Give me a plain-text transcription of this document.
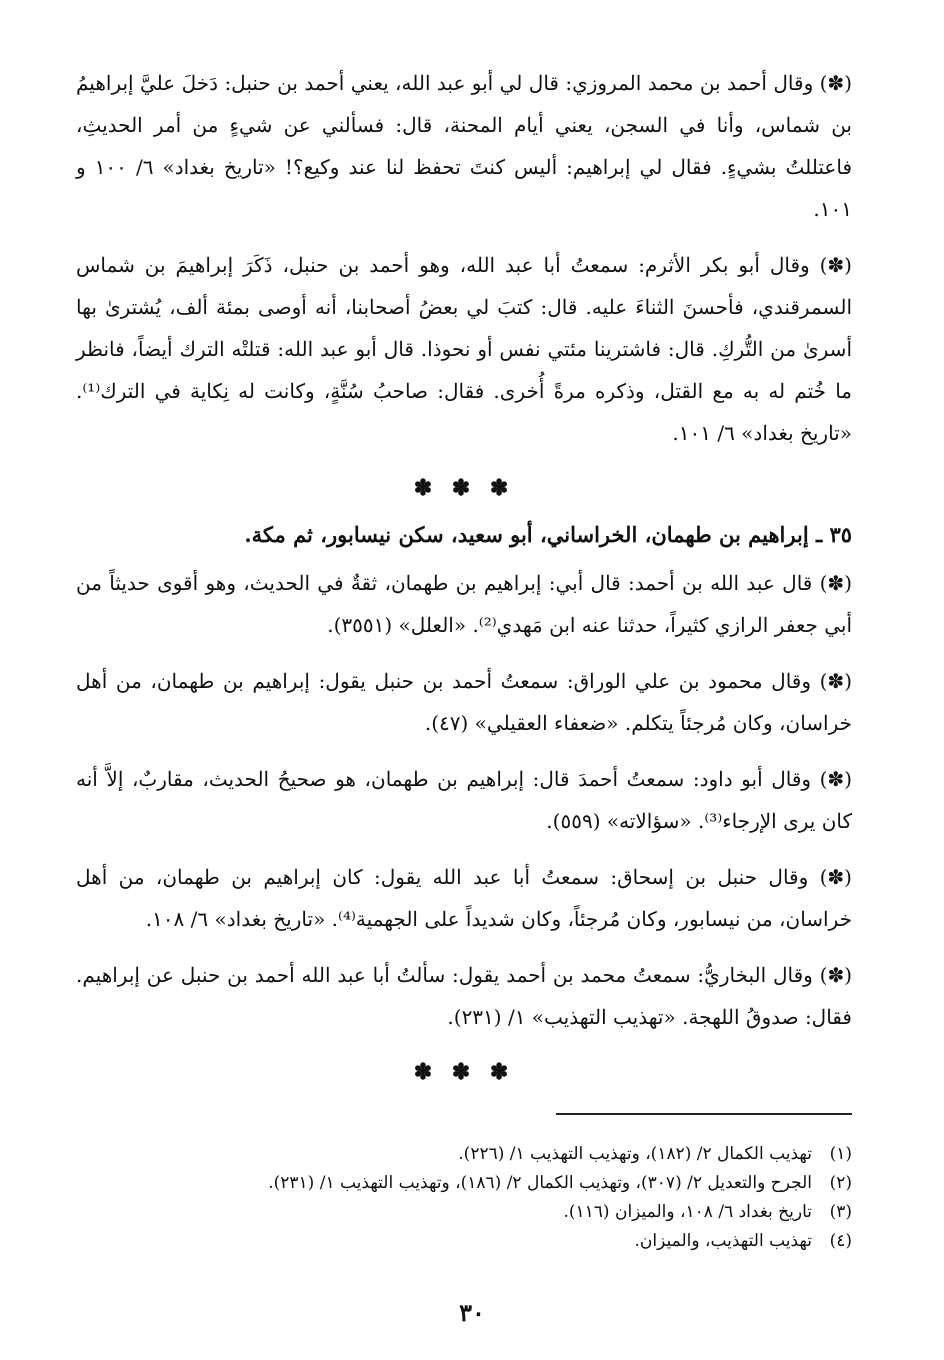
(✽) وقال أحمد بن محمد المروزي: قال لي أبو عبد الله، يعني أحمد بن حنبل: دَخلَ عليَّ إبراهيمُ بن شماس، وأنا في السجن، يعني أيام المحنة، قال: فسألني عن شيءٍ من أمر الحديثِ، فاعتللتُ بشيءٍ. فقال لي إبراهيم: أليس كنتَ تحفظ لنا عند وكيع؟! «تاريخ بغداد» ٦/ ١٠٠ و ١٠١.

(✽) وقال أبو بكر الأثرم: سمعتُ أبا عبد الله، وهو أحمد بن حنبل، ذَكَرَ إبراهيمَ بن شماس السمرقندي، فأحسنَ الثناءَ عليه. قال: كتبَ لي بعضُ أصحابنا، أنه أوصى بمئة ألف، يُشترىٰ بها أسرىٰ من التُّركِ. قال: فاشترينا مئتي نفس أو نحوذا. قال أبو عبد الله: قتلتْه الترك أيضاً، فانظر ما خُتم له به مع القتل، وذكره مرةً أُخرى. فقال: صاحبُ سُنَّةٍ، وكانت له نِكاية في الترك⁽¹⁾. «تاريخ بغداد» ٦/ ١٠١.

✽ ✽ ✽
٣٥ ـ إبراهيم بن طهمان، الخراساني، أبو سعيد، سكن نيسابور، ثم مكة.

(✽) قال عبد الله بن أحمد: قال أبي: إبراهيم بن طهمان، ثقةٌ في الحديث، وهو أقوى حديثاً من أبي جعفر الرازي كثيراً، حدثنا عنه ابن مَهدي⁽²⁾. «العلل» (٣٥٥١).

(✽) وقال محمود بن علي الوراق: سمعتُ أحمد بن حنبل يقول: إبراهيم بن طهمان، من أهل خراسان، وكان مُرجئاً يتكلم. «ضعفاء العقيلي» (٤٧).

(✽) وقال أبو داود: سمعتُ أحمدَ قال: إبراهيم بن طهمان، هو صحيحُ الحديث، مقاربٌ، إلاَّ أنه كان يرى الإرجاء⁽³⁾. «سؤالاته» (٥٥٩).

(✽) وقال حنبل بن إسحاق: سمعتُ أبا عبد الله يقول: كان إبراهيم بن طهمان، من أهل خراسان، من نيسابور، وكان مُرجئاً، وكان شديداً على الجهمية⁽⁴⁾. «تاريخ بغداد» ٦/ ١٠٨.

(✽) وقال البخاريُّ: سمعتُ محمد بن أحمد يقول: سألتُ أبا عبد الله أحمد بن حنبل عن إبراهيم. فقال: صدوقُ اللهجة. «تهذيب التهذيب» ١/ (٢٣١).

✽ ✽ ✽
(١)تهذيب الكمال ٢/ (١٨٢)، وتهذيب التهذيب ١/ (٢٢٦).
(٢)الجرح والتعديل ٢/ (٣٠٧)، وتهذيب الكمال ٢/ (١٨٦)، وتهذيب التهذيب ١/ (٢٣١).
(٣)تاريخ بغداد ٦/ ١٠٨، والميزان (١١٦).
(٤)تهذيب التهذيب، والميزان.
٣٠
